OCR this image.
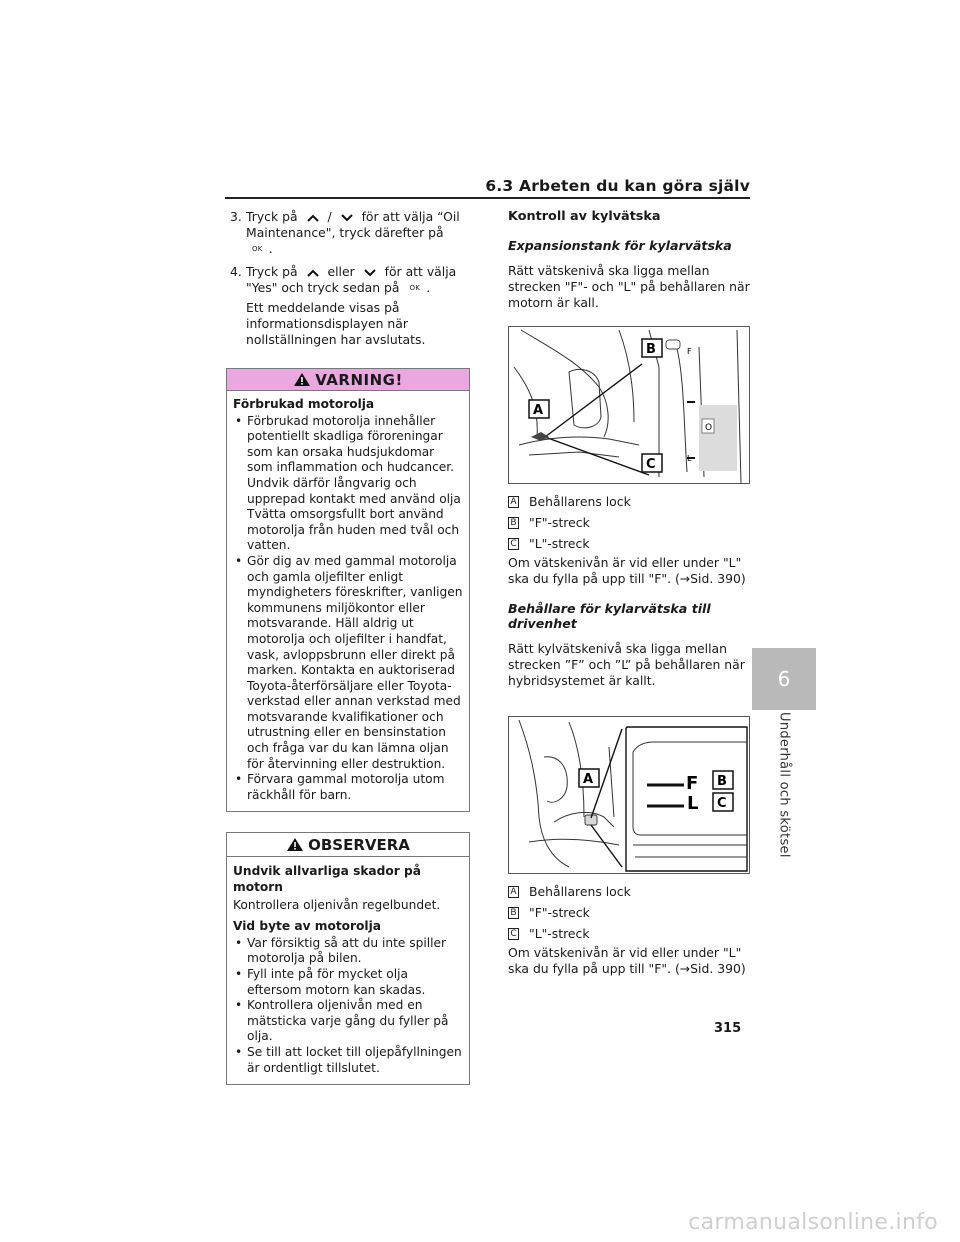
6.3 Arbeten du kan göra själv
6
Underhåll och skötsel
3. Tryck på / för att välja “Oil Maintenance", tryck därefter på OK .

4. Tryck på eller för att välja "Yes" och tryck sedan på OK .

Ett meddelande visas på informationsdisplayen när nollställningen har avslutats.

VARNING!

Förbrukad motorolja

• Förbrukad motorolja innehåller potentiellt skadliga föroreningar som kan orsaka hudsjukdomar som inflammation och hudcancer. Undvik därför långvarig och upprepad kontakt med använd olja Tvätta omsorgsfullt bort använd motorolja från huden med tvål och vatten.
• Gör dig av med gammal motorolja och gamla oljefilter enligt myndigheters föreskrifter, vanligen kommunens miljökontor eller motsvarande. Häll aldrig ut motorolja och oljefilter i handfat, vask, avloppsbrunn eller direkt på marken. Kontakta en auktoriserad Toyota-återförsäljare eller Toyota-verkstad eller annan verkstad med motsvarande kvalifikationer och utrustning eller en bensinstation och fråga var du kan lämna oljan för återvinning eller destruktion.
• Förvara gammal motorolja utom räckhåll för barn.
OBSERVERA

Undvik allvarliga skador på motorn

Kontrollera oljenivån regelbundet.

Vid byte av motorolja

• Var försiktig så att du inte spiller motorolja på bilen.
• Fyll inte på för mycket olja eftersom motorn kan skadas.
• Kontrollera oljenivån med en mätsticka varje gång du fyller på olja.
• Se till att locket till oljepåfyllningen är ordentligt tillslutet.

Kontroll av kylvätska

Expansionstank för kylarvätska

Rätt vätskenivå ska ligga mellan strecken "F"- och "L" på behållaren när motorn är kall.

O
F
L
B
A
C
A Behållarens lock
B "F"-streck
C "L"-streck

Om vätskenivån är vid eller under "L" ska du fylla på upp till "F". (→Sid. 390)

Behållare för kylarvätska till drivenhet

Rätt kylvätskenivå ska ligga mellan strecken ”F” och ”L” på behållaren när hybridsystemet är kallt.

F
L
B
C
A
A Behållarens lock
B "F"-streck
C "L"-streck

Om vätskenivån är vid eller under "L" ska du fylla på upp till "F". (→Sid. 390)

315
carmanualsonline.info
